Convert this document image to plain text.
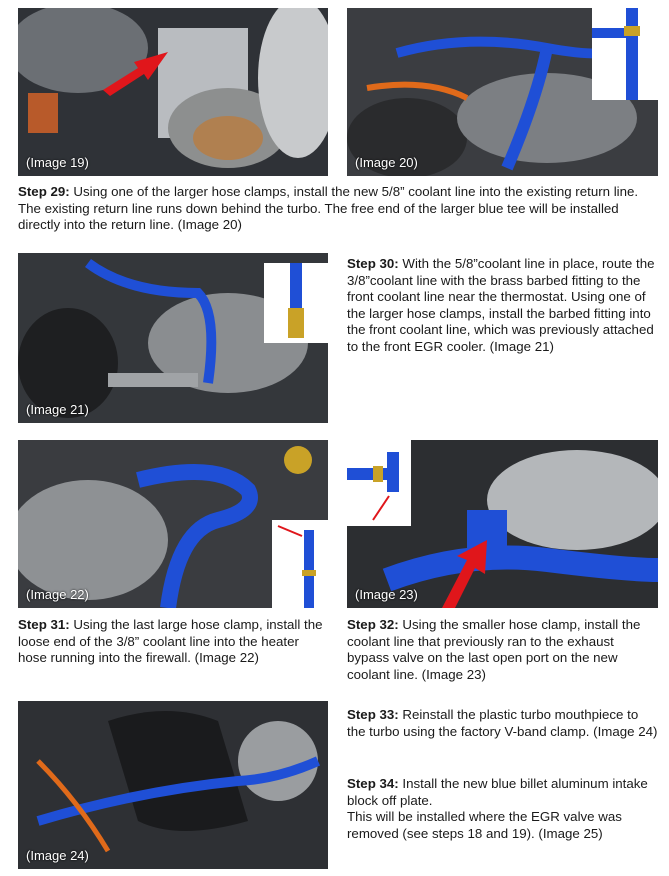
(Image 19)	(Image 20)
Step 29: Using one of the larger hose clamps, install the new 5/8” coolant line into the existing return line. The existing return line runs down behind the turbo. The free end of the larger blue tee will be installed directly into the return line. (Image 20)
(Image 21)
Step 30: With the 5/8”coolant line in place, route the 3/8”coolant line with the brass barbed fitting to the front coolant line near the thermostat. Using one of the larger hose clamps, install the barbed fitting into the front coolant line, which was previously attached to the front EGR cooler. (Image 21)
(Image 22)	(Image 23)
Step 31: Using the last large hose clamp, install the loose end of the 3/8” coolant line into the heater hose running into the firewall. (Image 22)
Step 32: Using the smaller hose clamp, install the coolant line that previously ran to the exhaust bypass valve on the last open port on the new coolant line. (Image 23)
(Image 24)
Step 33: Reinstall the plastic turbo mouthpiece to the turbo using the factory V-band clamp. (Image 24)
Step 34: Install the new blue billet aluminum intake block off plate.
This will be installed where the EGR valve was removed (see steps 18 and 19). (Image 25)
